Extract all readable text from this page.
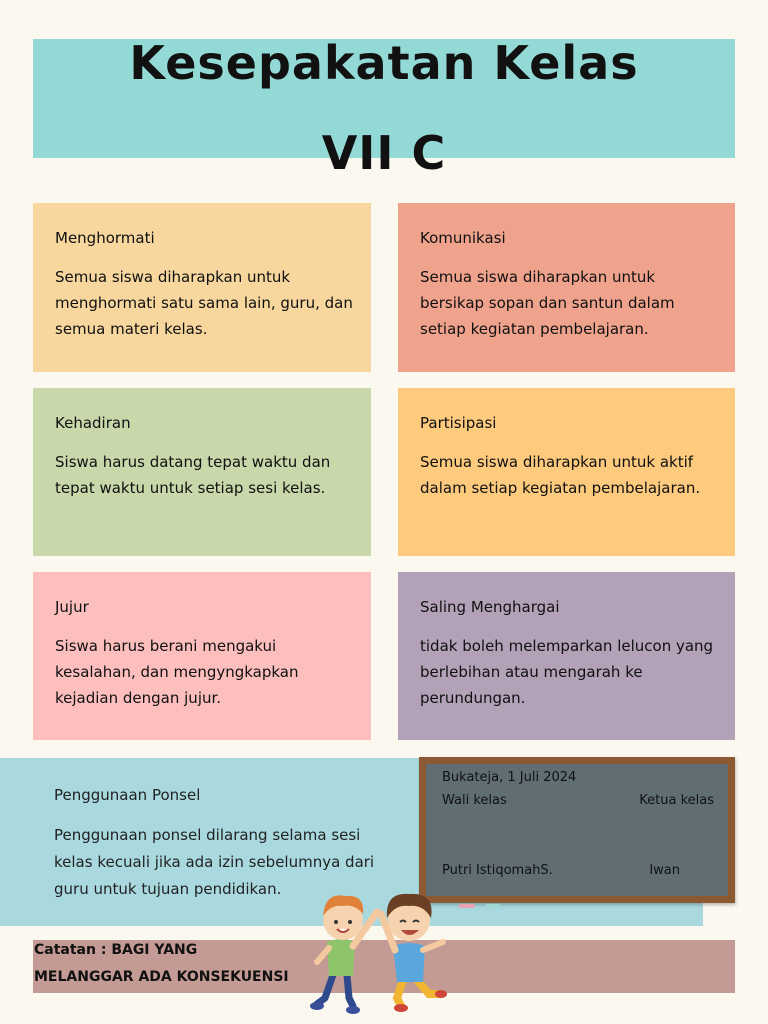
Kesepakatan Kelas
VII C
Menghormati

Semua siswa diharapkan untuk menghormati satu sama lain, guru, dan semua materi kelas.

Komunikasi

Semua siswa diharapkan untuk bersikap sopan dan santun dalam setiap kegiatan pembelajaran.

Kehadiran

Siswa harus datang tepat waktu dan tepat waktu untuk setiap sesi kelas.

Partisipasi

Semua siswa diharapkan untuk aktif dalam setiap kegiatan pembelajaran.

Jujur

Siswa harus berani mengakui kesalahan, dan mengyngkapkan kejadian dengan jujur.

Saling Menghargai

tidak boleh melemparkan lelucon yang berlebihan atau mengarah ke perundungan.

Penggunaan Ponsel

Penggunaan ponsel dilarang selama sesi kelas kecuali jika ada izin sebelumnya dari guru untuk tujuan pendidikan.

Bukateja, 1 Juli 2024
Wali kelas	Ketua kelas
Putri IstiqomahS.	Iwan
Catatan : BAGI YANG
MELANGGAR ADA KONSEKUENSI
